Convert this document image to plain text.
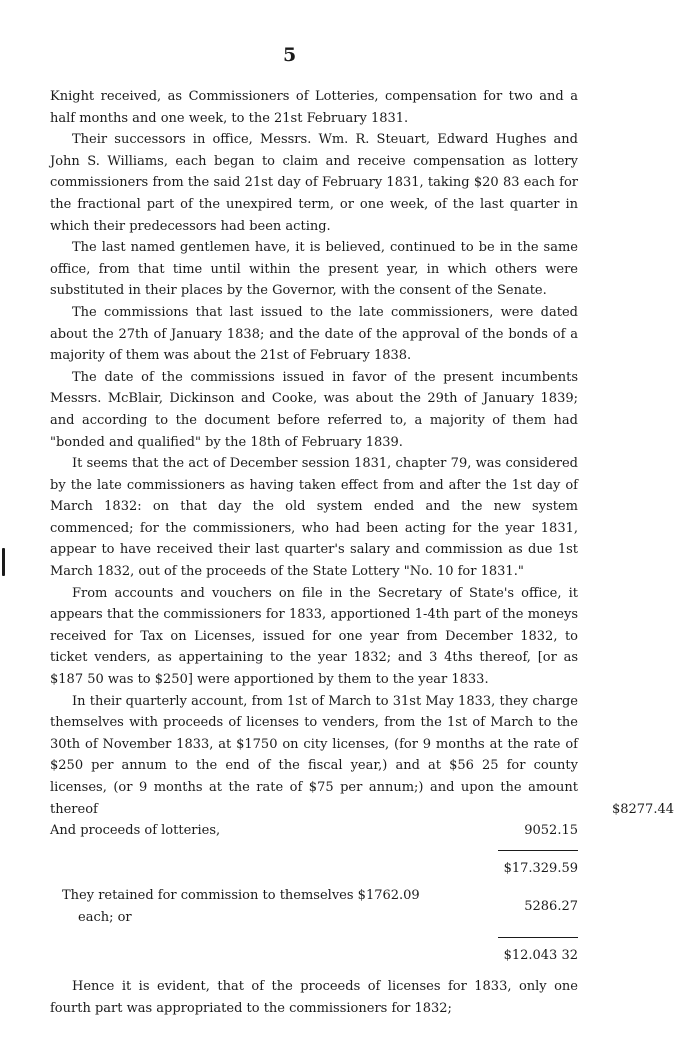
5

Knight received, as Commissioners of Lotteries, compensation for two and a half months and one week, to the 21st February 1831.

Their successors in office, Messrs. Wm. R. Steuart, Edward Hughes and John S. Williams, each began to claim and receive compensation as lottery commissioners from the said 21st day of February 1831, taking $20 83 each for the fractional part of the unexpired term, or one week, of the last quarter in which their predecessors had been acting.

The last named gentlemen have, it is believed, continued to be in the same office, from that time until within the present year, in which others were substituted in their places by the Governor, with the consent of the Senate.

The commissions that last issued to the late commissioners, were dated about the 27th of January 1838; and the date of the approval of the bonds of a majority of them was about the 21st of February 1838.

The date of the commissions issued in favor of the present incumbents Messrs. McBlair, Dickinson and Cooke, was about the 29th of January 1839; and according to the document before referred to, a majority of them had "bonded and qualified" by the 18th of February 1839.

It seems that the act of December session 1831, chapter 79, was considered by the late commissioners as having taken effect from and after the 1st day of March 1832: on that day the old system ended and the new system commenced; for the commissioners, who had been acting for the year 1831, appear to have received their last quarter's salary and commission as due 1st March 1832, out of the proceeds of the State Lottery "No. 10 for 1831."

From accounts and vouchers on file in the Secretary of State's office, it appears that the commissioners for 1833, apportioned 1-4th part of the moneys received for Tax on Licenses, issued for one year from December 1832, to ticket venders, as appertaining to the year 1832; and 3 4ths thereof, [or as $187 50 was to $250] were apportioned by them to the year 1833.

In their quarterly account, from 1st of March to 31st May 1833, they charge themselves with proceeds of licenses to venders, from the 1st of March to the 30th of November 1833, at $1750 on city licenses, (for 9 months at the rate of $250 per annum to the end of the fiscal year,) and at $56 25 for county licenses, (or 9 months at the rate of $75 per annum;) and upon the amount thereof	$8277.44
And proceeds of lotteries,	9052.15

$17.329.59

They retained for commission to themselves $1762.09
each; or
5286.27

$12.043 32

Hence it is evident, that of the proceeds of licenses for 1833, only one fourth part was appropriated to the commissioners for 1832;
